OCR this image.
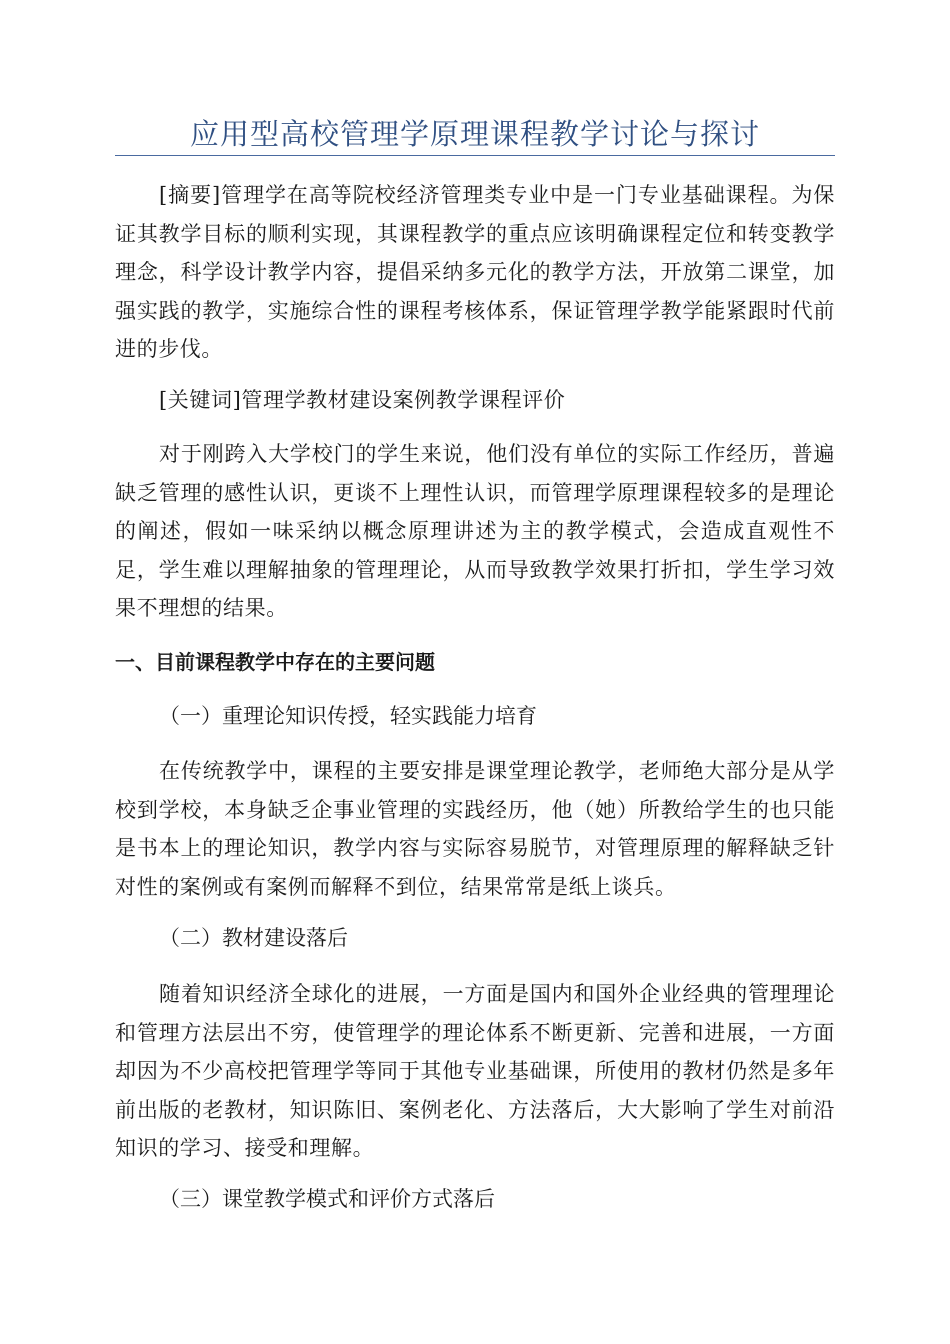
应用型高校管理学原理课程教学讨论与探讨

[摘要]管理学在高等院校经济管理类专业中是一门专业基础课程。为保证其教学目标的顺利实现，其课程教学的重点应该明确课程定位和转变教学理念，科学设计教学内容，提倡采纳多元化的教学方法，开放第二课堂，加强实践的教学，实施综合性的课程考核体系，保证管理学教学能紧跟时代前进的步伐。

[关键词]管理学教材建设案例教学课程评价

对于刚跨入大学校门的学生来说，他们没有单位的实际工作经历，普遍缺乏管理的感性认识，更谈不上理性认识，而管理学原理课程较多的是理论的阐述，假如一味采纳以概念原理讲述为主的教学模式，会造成直观性不足，学生难以理解抽象的管理理论，从而导致教学效果打折扣，学生学习效果不理想的结果。

一、目前课程教学中存在的主要问题

（一）重理论知识传授，轻实践能力培育

在传统教学中，课程的主要安排是课堂理论教学，老师绝大部分是从学校到学校，本身缺乏企事业管理的实践经历，他（她）所教给学生的也只能是书本上的理论知识，教学内容与实际容易脱节，对管理原理的解释缺乏针对性的案例或有案例而解释不到位，结果常常是纸上谈兵。

（二）教材建设落后

随着知识经济全球化的进展，一方面是国内和国外企业经典的管理理论和管理方法层出不穷，使管理学的理论体系不断更新、完善和进展，一方面却因为不少高校把管理学等同于其他专业基础课，所使用的教材仍然是多年前出版的老教材，知识陈旧、案例老化、方法落后，大大影响了学生对前沿知识的学习、接受和理解。

（三）课堂教学模式和评价方式落后
